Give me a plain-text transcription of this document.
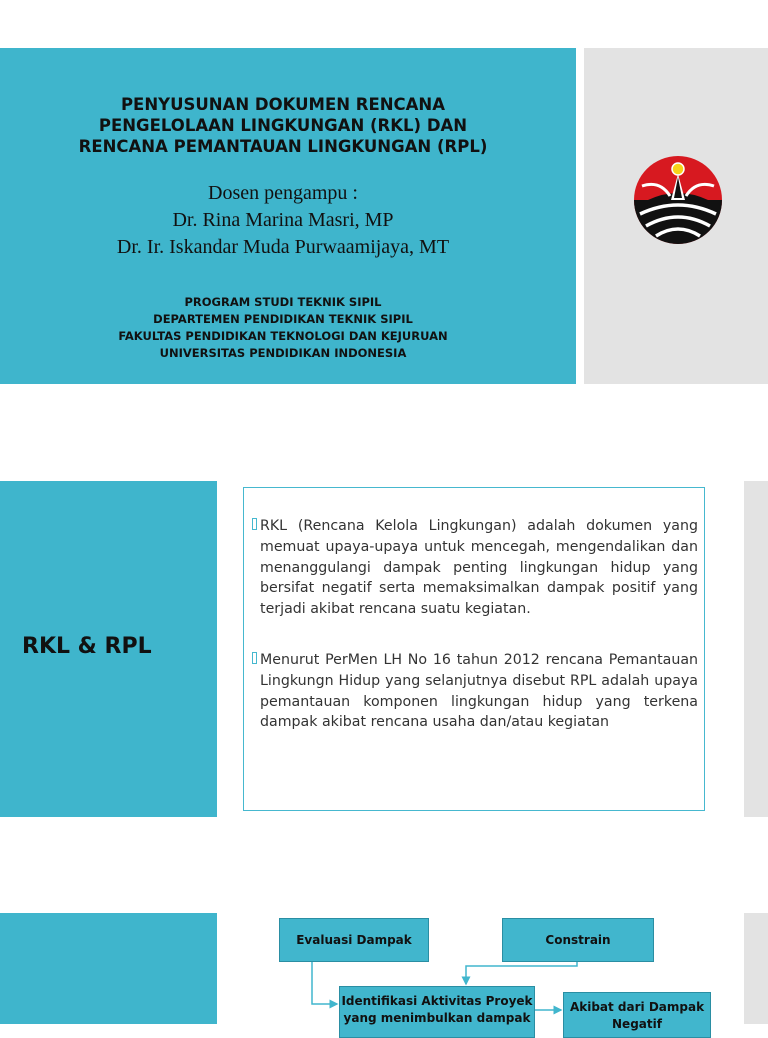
PENYUSUNAN DOKUMEN RENCANA
PENGELOLAAN LINGKUNGAN (RKL) DAN
RENCANA PEMANTAUAN LINGKUNGAN (RPL)
Dosen pengampu :
Dr. Rina Marina Masri, MP
Dr. Ir. Iskandar Muda Purwaamijaya, MT
PROGRAM STUDI TEKNIK SIPIL
DEPARTEMEN PENDIDIKAN TEKNIK SIPIL
FAKULTAS PENDIDIKAN TEKNOLOGI DAN KEJURUAN
UNIVERSITAS PENDIDIKAN INDONESIA
RKL & RPL
RKL (Rencana Kelola Lingkungan) adalah dokumen yang memuat upaya-upaya untuk mencegah, mengendalikan dan menanggulangi dampak penting lingkungan hidup yang bersifat negatif serta memaksimalkan dampak positif yang terjadi akibat rencana suatu kegiatan.
Menurut PerMen LH No 16 tahun 2012 rencana Pemantauan Lingkungn Hidup yang selanjutnya disebut RPL adalah upaya pemantauan komponen lingkungan hidup yang terkena dampak akibat rencana usaha dan/atau kegiatan
Evaluasi Dampak	Constrain
Identifikasi Aktivitas Proyek yang menimbulkan dampak
Akibat dari Dampak Negatif
